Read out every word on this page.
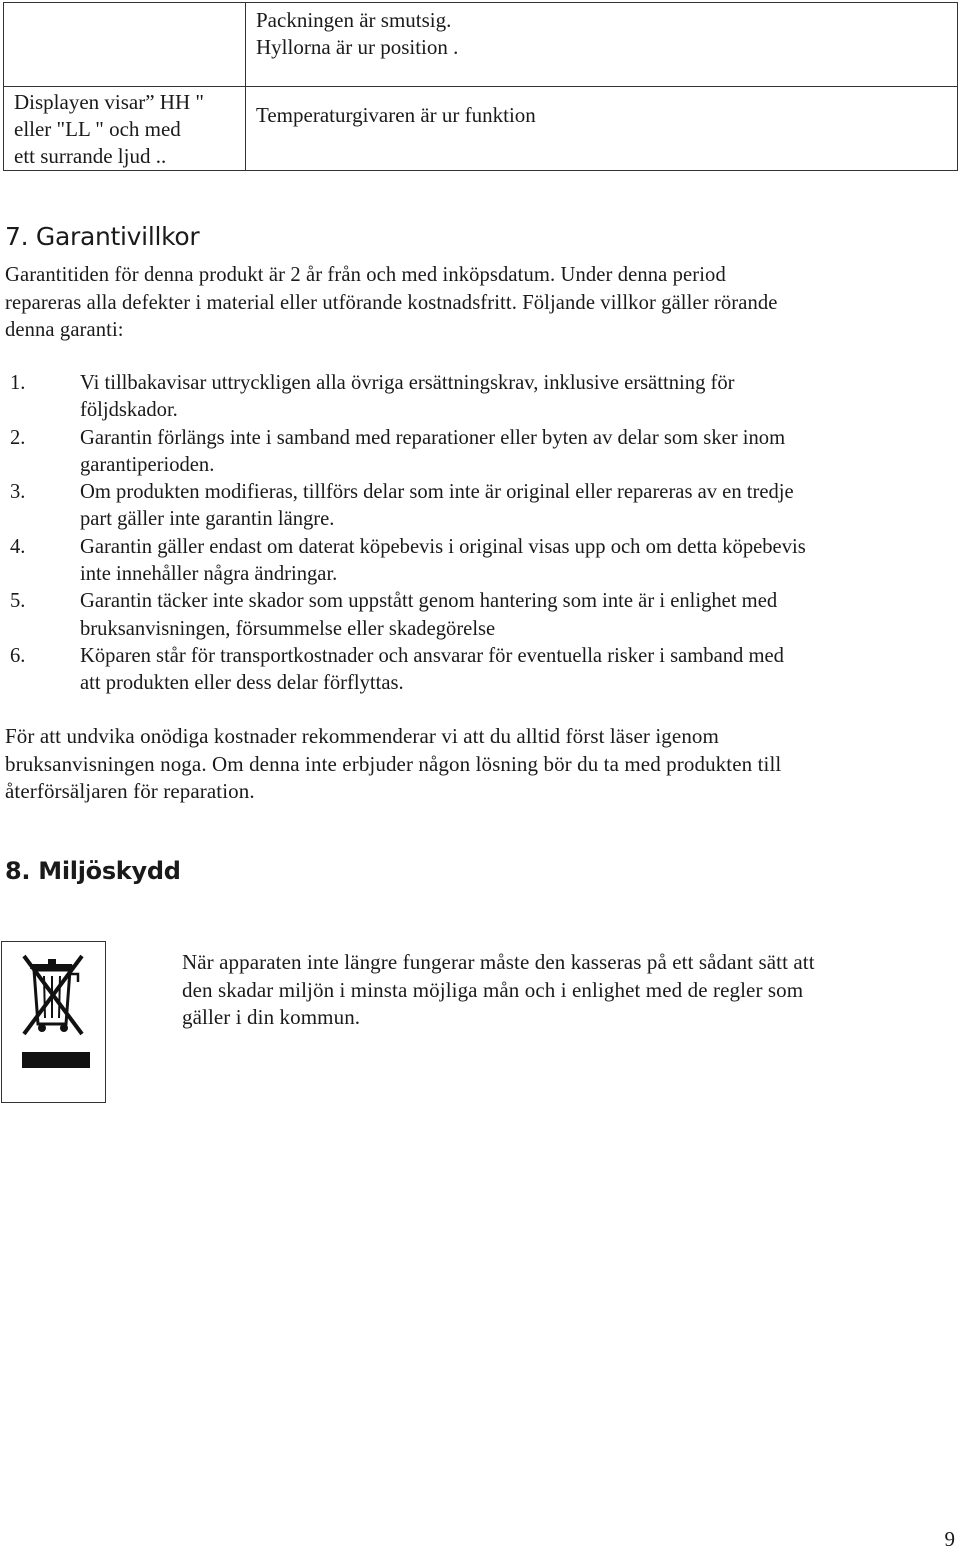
	Packningen är smutsig.
Hyllorna är ur position .

Displayen visar” HH "
eller "LL " och med
ett surrande ljud ..	Temperaturgivaren är ur funktion
7. Garantivillkor
Garantitiden för denna produkt är 2 år från och med inköpsdatum. Under denna period
repareras alla defekter i material eller utförande kostnadsfritt. Följande villkor gäller rörande
denna garanti:
1.	Vi tillbakavisar uttryckligen alla övriga ersättningskrav, inklusive ersättning för
följdskador.
2.	Garantin förlängs inte i samband med reparationer eller byten av delar som sker inom
garantiperioden.
3.	Om produkten modifieras, tillförs delar som inte är original eller repareras av en tredje
part gäller inte garantin längre.
4.	Garantin gäller endast om daterat köpebevis i original visas upp och om detta köpebevis
inte innehåller några ändringar.
5.	Garantin täcker inte skador som uppstått genom hantering som inte är i enlighet med
bruksanvisningen, försummelse eller skadegörelse
6.	Köparen står för transportkostnader och ansvarar för eventuella risker i samband med
att produkten eller dess delar förflyttas.
För att undvika onödiga kostnader rekommenderar vi att du alltid först läser igenom
bruksanvisningen noga. Om denna inte erbjuder någon lösning bör du ta med produkten till
återförsäljaren för reparation.
8. Miljöskydd
När apparaten inte längre fungerar måste den kasseras på ett sådant sätt att
den skadar miljön i minsta möjliga mån och i enlighet med de regler som
gäller i din kommun.
9
